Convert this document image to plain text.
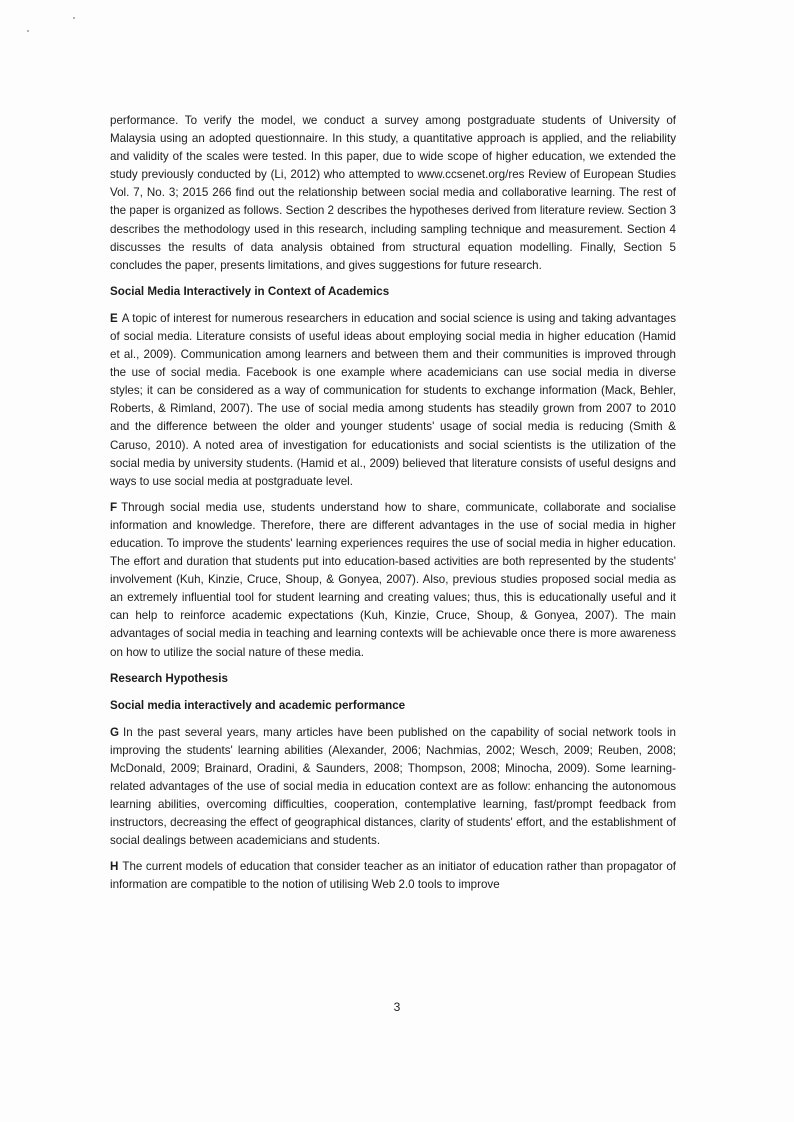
performance. To verify the model, we conduct a survey among postgraduate students of University of Malaysia using an adopted questionnaire. In this study, a quantitative approach is applied, and the reliability and validity of the scales were tested. In this paper, due to wide scope of higher education, we extended the study previously conducted by (Li, 2012) who attempted to www.ccsenet.org/res Review of European Studies Vol. 7, No. 3; 2015 266 find out the relationship between social media and collaborative learning. The rest of the paper is organized as follows. Section 2 describes the hypotheses derived from literature review. Section 3 describes the methodology used in this research, including sampling technique and measurement. Section 4 discusses the results of data analysis obtained from structural equation modelling. Finally, Section 5 concludes the paper, presents limitations, and gives suggestions for future research.

Social Media Interactively in Context of Academics

E A topic of interest for numerous researchers in education and social science is using and taking advantages of social media. Literature consists of useful ideas about employing social media in higher education (Hamid et al., 2009). Communication among learners and between them and their communities is improved through the use of social media. Facebook is one example where academicians can use social media in diverse styles; it can be considered as a way of communication for students to exchange information (Mack, Behler, Roberts, & Rimland, 2007). The use of social media among students has steadily grown from 2007 to 2010 and the difference between the older and younger students' usage of social media is reducing (Smith & Caruso, 2010). A noted area of investigation for educationists and social scientists is the utilization of the social media by university students. (Hamid et al., 2009) believed that literature consists of useful designs and ways to use social media at postgraduate level.

F Through social media use, students understand how to share, communicate, collaborate and socialise information and knowledge. Therefore, there are different advantages in the use of social media in higher education. To improve the students' learning experiences requires the use of social media in higher education. The effort and duration that students put into education-based activities are both represented by the students' involvement (Kuh, Kinzie, Cruce, Shoup, & Gonyea, 2007). Also, previous studies proposed social media as an extremely influential tool for student learning and creating values; thus, this is educationally useful and it can help to reinforce academic expectations (Kuh, Kinzie, Cruce, Shoup, & Gonyea, 2007). The main advantages of social media in teaching and learning contexts will be achievable once there is more awareness on how to utilize the social nature of these media.

Research Hypothesis
Social media interactively and academic performance

G In the past several years, many articles have been published on the capability of social network tools in improving the students' learning abilities (Alexander, 2006; Nachmias, 2002; Wesch, 2009; Reuben, 2008; McDonald, 2009; Brainard, Oradini, & Saunders, 2008; Thompson, 2008; Minocha, 2009). Some learning-related advantages of the use of social media in education context are as follow: enhancing the autonomous learning abilities, overcoming difficulties, cooperation, contemplative learning, fast/prompt feedback from instructors, decreasing the effect of geographical distances, clarity of students' effort, and the establishment of social dealings between academicians and students.

H The current models of education that consider teacher as an initiator of education rather than propagator of information are compatible to the notion of utilising Web 2.0 tools to improve

3
